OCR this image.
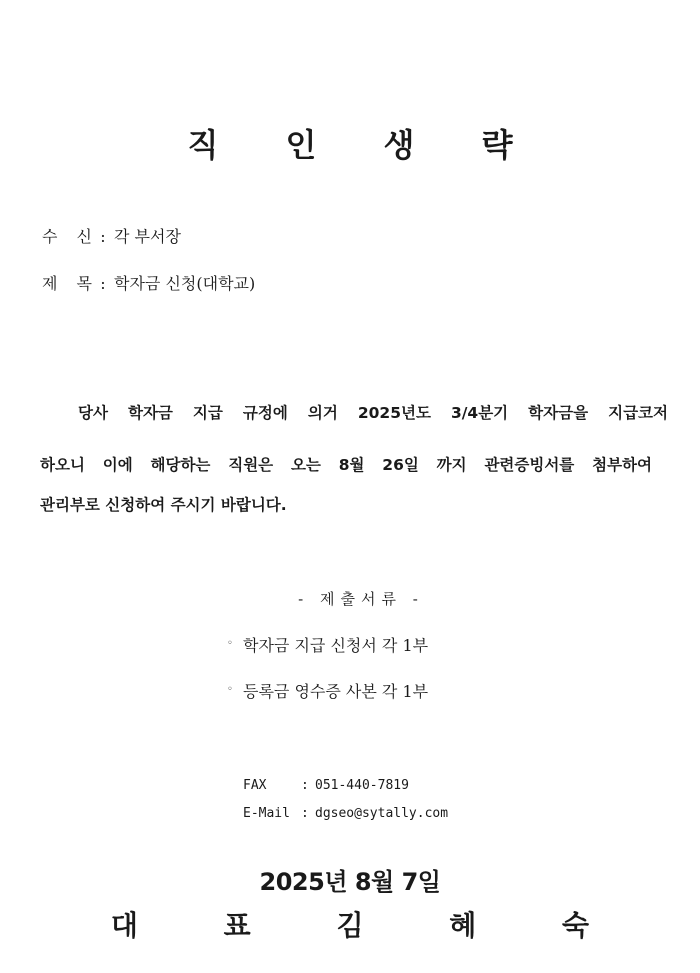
직 인 생 략
수 신 : 각 부서장
제 목 : 학자금 신청(대학교)
당사 학자금 지급 규정에 의거 2025년도 3/4분기 학자금을 지급코저
하오니 이에 해당하는 직원은 오는 8월 26일 까지 관련증빙서를 첨부하여
관리부로 신청하여 주시기 바랍니다.
- 제출서류 -
◦ 학자금 지급 신청서 각 1부
◦ 등록금 영수증 사본 각 1부
FAX	: 051-440-7819
E-Mail : dgseo@sytally.com
2025년 8월 7일
대 표 김 혜 숙
